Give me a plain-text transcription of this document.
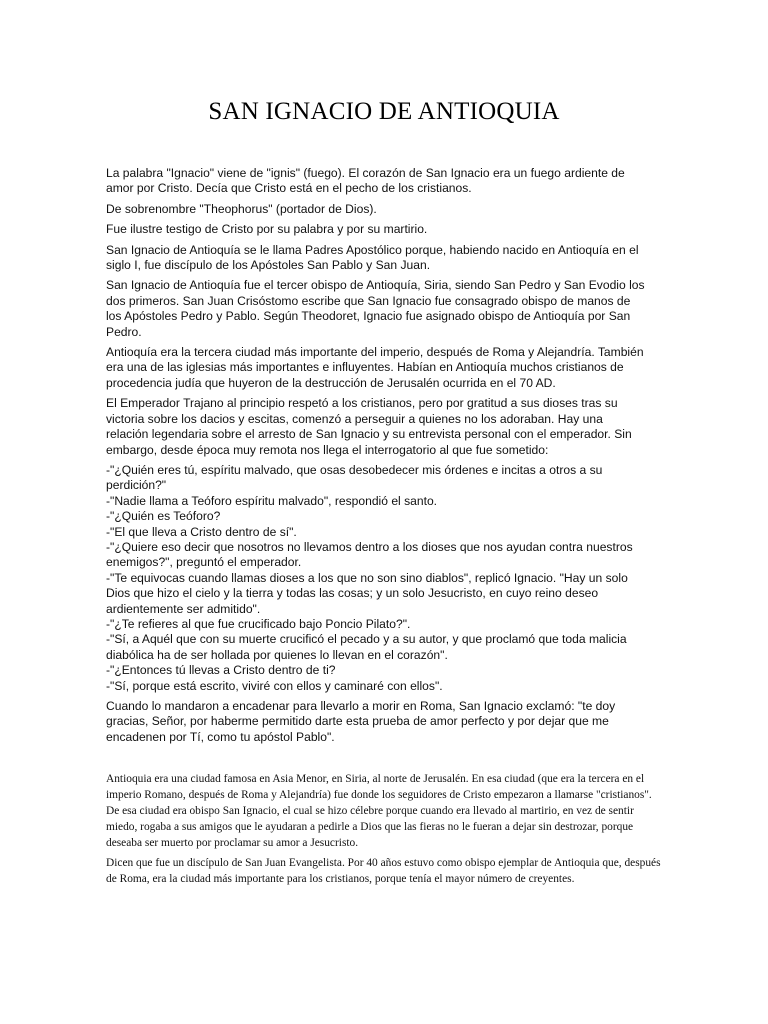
SAN IGNACIO DE ANTIOQUIA

La palabra "Ignacio" viene de "ignis" (fuego). El corazón de San Ignacio era un fuego ardiente de amor por Cristo. Decía que Cristo está en el pecho de los cristianos.

De sobrenombre "Theophorus" (portador de Dios).

Fue ilustre testigo de Cristo por su palabra y por su martirio.

San Ignacio de Antioquía se le llama Padres Apostólico porque, habiendo nacido en Antioquía en el siglo I, fue discípulo de los Apóstoles San Pablo y San Juan.

San Ignacio de Antioquía fue el tercer obispo de Antioquía, Siria, siendo San Pedro y San Evodio los dos primeros. San Juan Crisóstomo escribe que San Ignacio fue consagrado obispo de manos de los Apóstoles Pedro y Pablo. Según Theodoret, Ignacio fue asignado obispo de Antioquía por San Pedro.

Antioquía era la tercera ciudad más importante del imperio, después de Roma y Alejandría. También era una de las iglesias más importantes e influyentes. Habían en Antioquía muchos cristianos de procedencia judía que huyeron de la destrucción de Jerusalén ocurrida en el 70 AD.

El Emperador Trajano al principio respetó a los cristianos, pero por gratitud a sus dioses tras su victoria sobre los dacios y escitas, comenzó a perseguir a quienes no los adoraban. Hay una relación legendaria sobre el arresto de San Ignacio y su entrevista personal con el emperador. Sin embargo, desde época muy remota nos llega el interrogatorio al que fue sometido:

-"¿Quién eres tú, espíritu malvado, que osas desobedecer mis órdenes e incitas a otros a su perdición?"

-"Nadie llama a Teóforo espíritu malvado", respondió el santo.

-"¿Quién es Teóforo?

-"El que lleva a Cristo dentro de sí".

-"¿Quiere eso decir que nosotros no llevamos dentro a los dioses que nos ayudan contra nuestros enemigos?", preguntó el emperador.

-"Te equivocas cuando llamas dioses a los que no son sino diablos", replicó Ignacio. "Hay un solo Dios que hizo el cielo y la tierra y todas las cosas; y un solo Jesucristo, en cuyo reino deseo ardientemente ser admitido".

-"¿Te refieres al que fue crucificado bajo Poncio Pilato?".

-"Sí, a Aquél que con su muerte crucificó el pecado y a su autor, y que proclamó que toda malicia diabólica ha de ser hollada por quienes lo llevan en el corazón".

-"¿Entonces tú llevas a Cristo dentro de ti?

-"Sí, porque está escrito, viviré con ellos y caminaré con ellos".

Cuando lo mandaron a encadenar para llevarlo a morir en Roma, San Ignacio exclamó: "te doy gracias, Señor, por haberme permitido darte esta prueba de amor perfecto y por dejar que me encadenen por Tí, como tu apóstol Pablo".

Antioquia era una ciudad famosa en Asia Menor, en Siria, al norte de Jerusalén. En esa ciudad (que era la tercera en el imperio Romano, después de Roma y Alejandría) fue donde los seguidores de Cristo empezaron a llamarse "cristianos". De esa ciudad era obispo San Ignacio, el cual se hizo célebre porque cuando era llevado al martirio, en vez de sentir miedo, rogaba a sus amigos que le ayudaran a pedirle a Dios que las fieras no le fueran a dejar sin destrozar, porque deseaba ser muerto por proclamar su amor a Jesucristo.

Dicen que fue un discípulo de San Juan Evangelista. Por 40 años estuvo como obispo ejemplar de Antioquia que, después de Roma, era la ciudad más importante para los cristianos, porque tenía el mayor número de creyentes.
